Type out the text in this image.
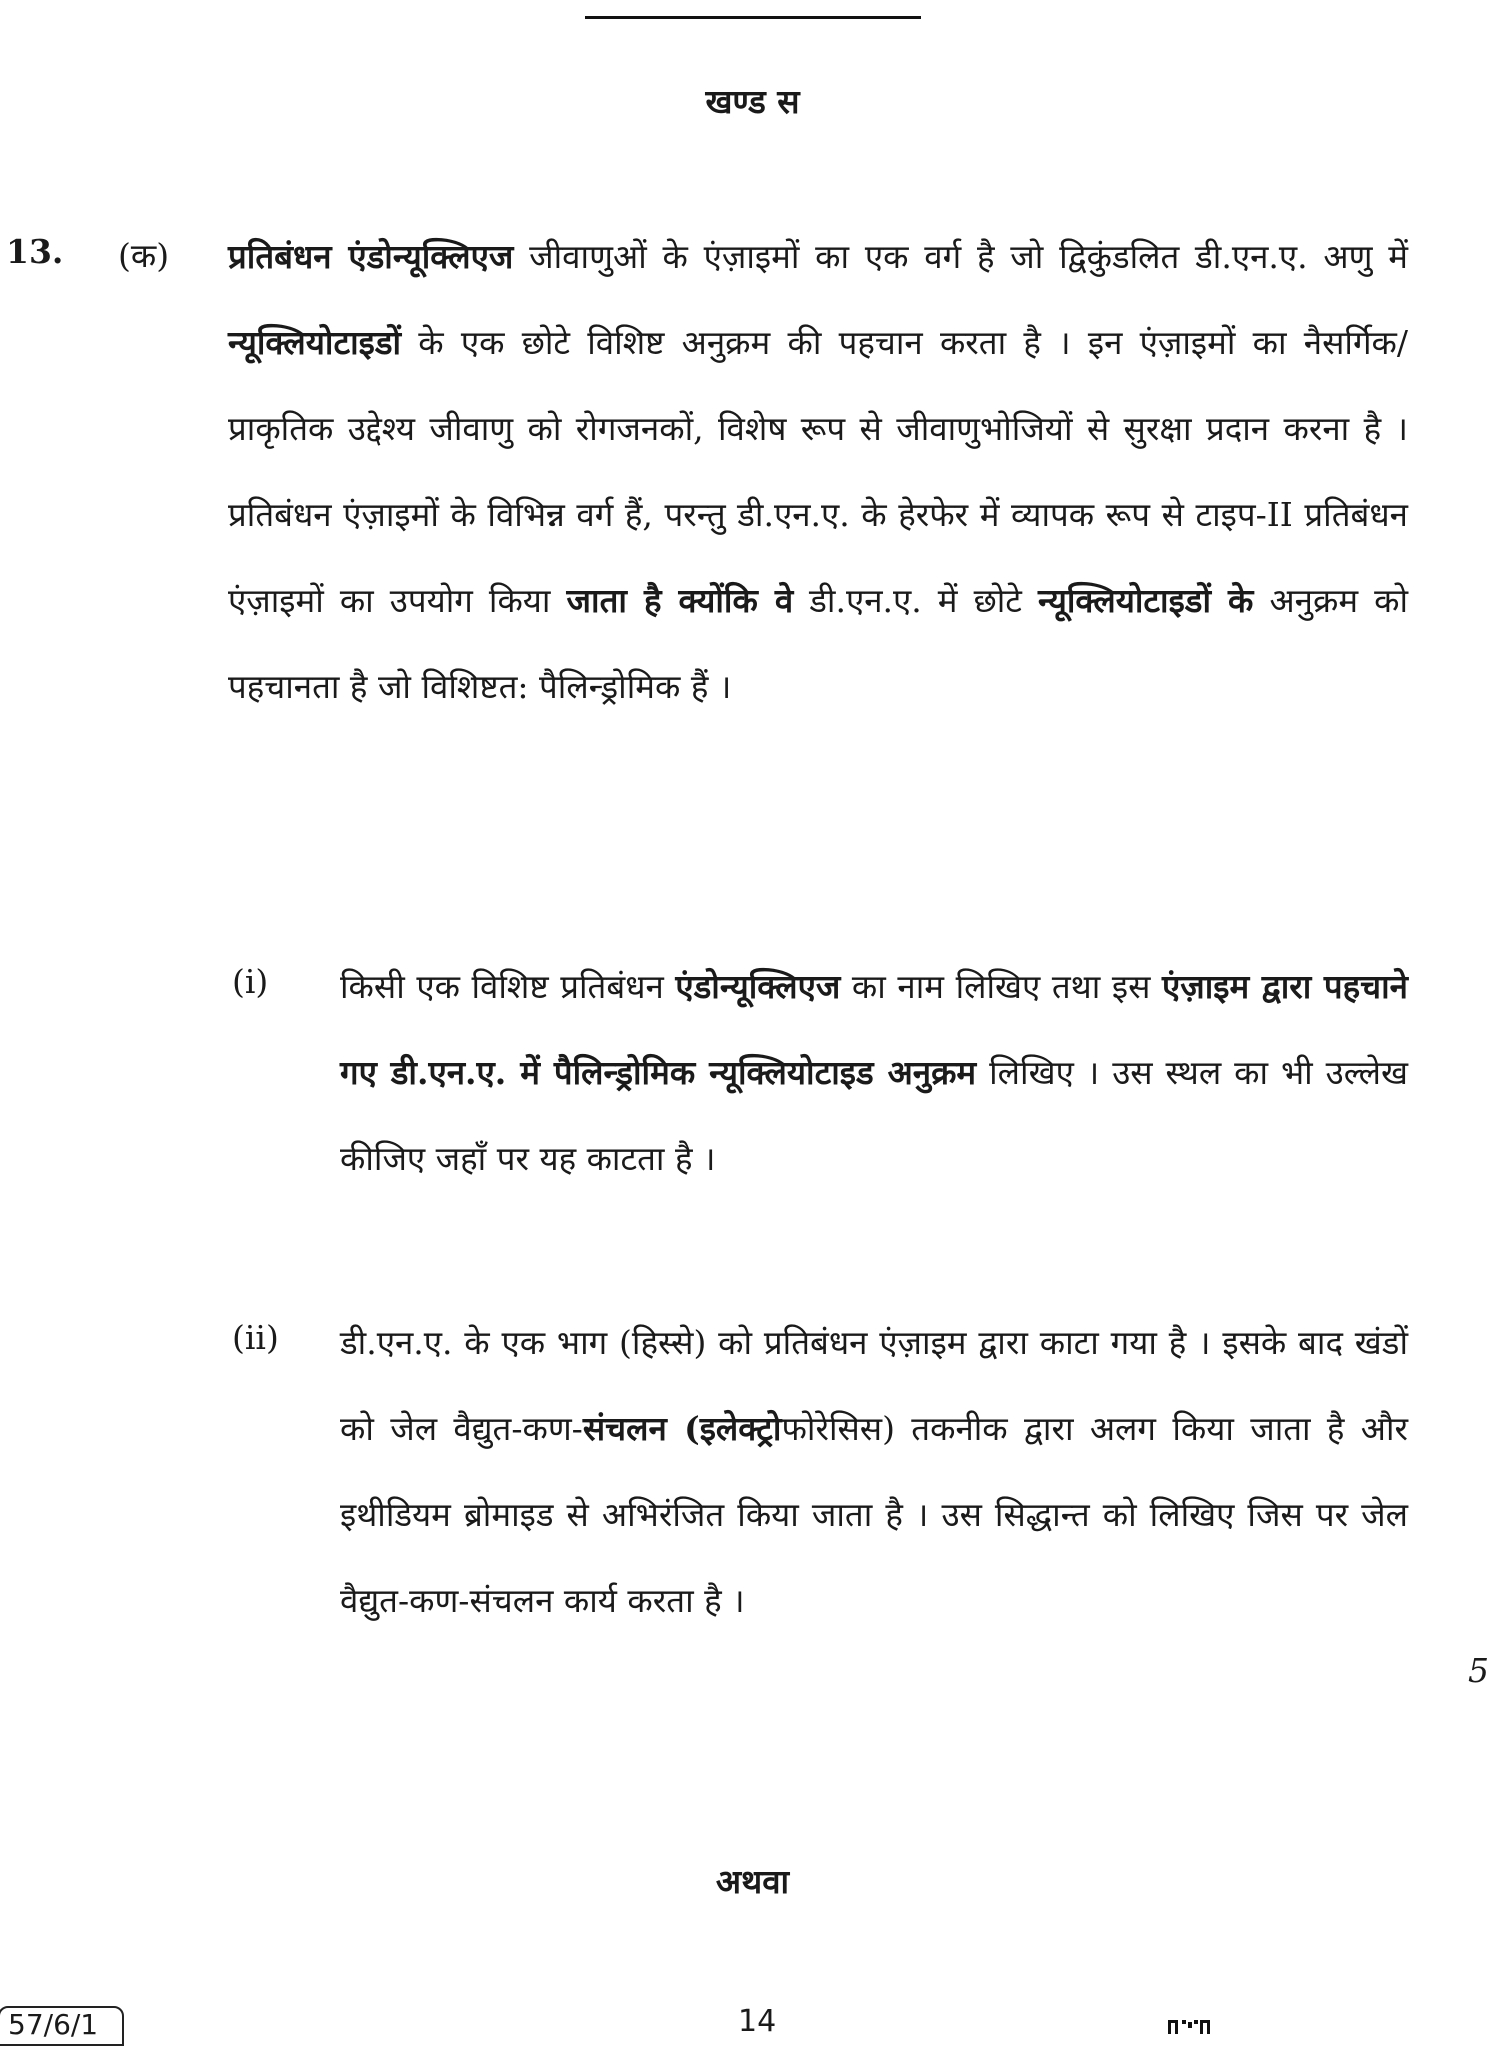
खण्ड स
13. (क) प्रतिबंधन एंडोन्यूक्लिएज जीवाणुओं के एंज़ाइमों का एक वर्ग है जो द्विकुंडलित डी.एन.ए. अणु में न्यूक्लियोटाइडों के एक छोटे विशिष्ट अनुक्रम की पहचान करता है । इन एंज़ाइमों का नैसर्गिक/प्राकृतिक उद्देश्य जीवाणु को रोगजनकों, विशेष रूप से जीवाणुभोजियों से सुरक्षा प्रदान करना है । प्रतिबंधन एंज़ाइमों के विभिन्न वर्ग हैं, परन्तु डी.एन.ए. के हेरफेर में व्यापक रूप से टाइप-II प्रतिबंधन एंज़ाइमों का उपयोग किया जाता है क्योंकि वे डी.एन.ए. में छोटे न्यूक्लियोटाइडों के अनुक्रम को पहचानता है जो विशिष्टत: पैलिन्ड्रोमिक हैं ।

(i) किसी एक विशिष्ट प्रतिबंधन एंडोन्यूक्लिएज का नाम लिखिए तथा इस एंज़ाइम द्वारा पहचाने गए डी.एन.ए. में पैलिन्ड्रोमिक न्यूक्लियोटाइड अनुक्रम लिखिए । उस स्थल का भी उल्लेख कीजिए जहाँ पर यह काटता है ।

(ii) डी.एन.ए. के एक भाग (हिस्से) को प्रतिबंधन एंज़ाइम द्वारा काटा गया है । इसके बाद खंडों को जेल वैद्युत-कण-संचलन (इलेक्ट्रोफोरेसिस) तकनीक द्वारा अलग किया जाता है और इथीडियम ब्रोमाइड से अभिरंजित किया जाता है । उस सिद्धान्त को लिखिए जिस पर जेल वैद्युत-कण-संचलन कार्य करता है ।

5
अथवा
57/6/1	14
